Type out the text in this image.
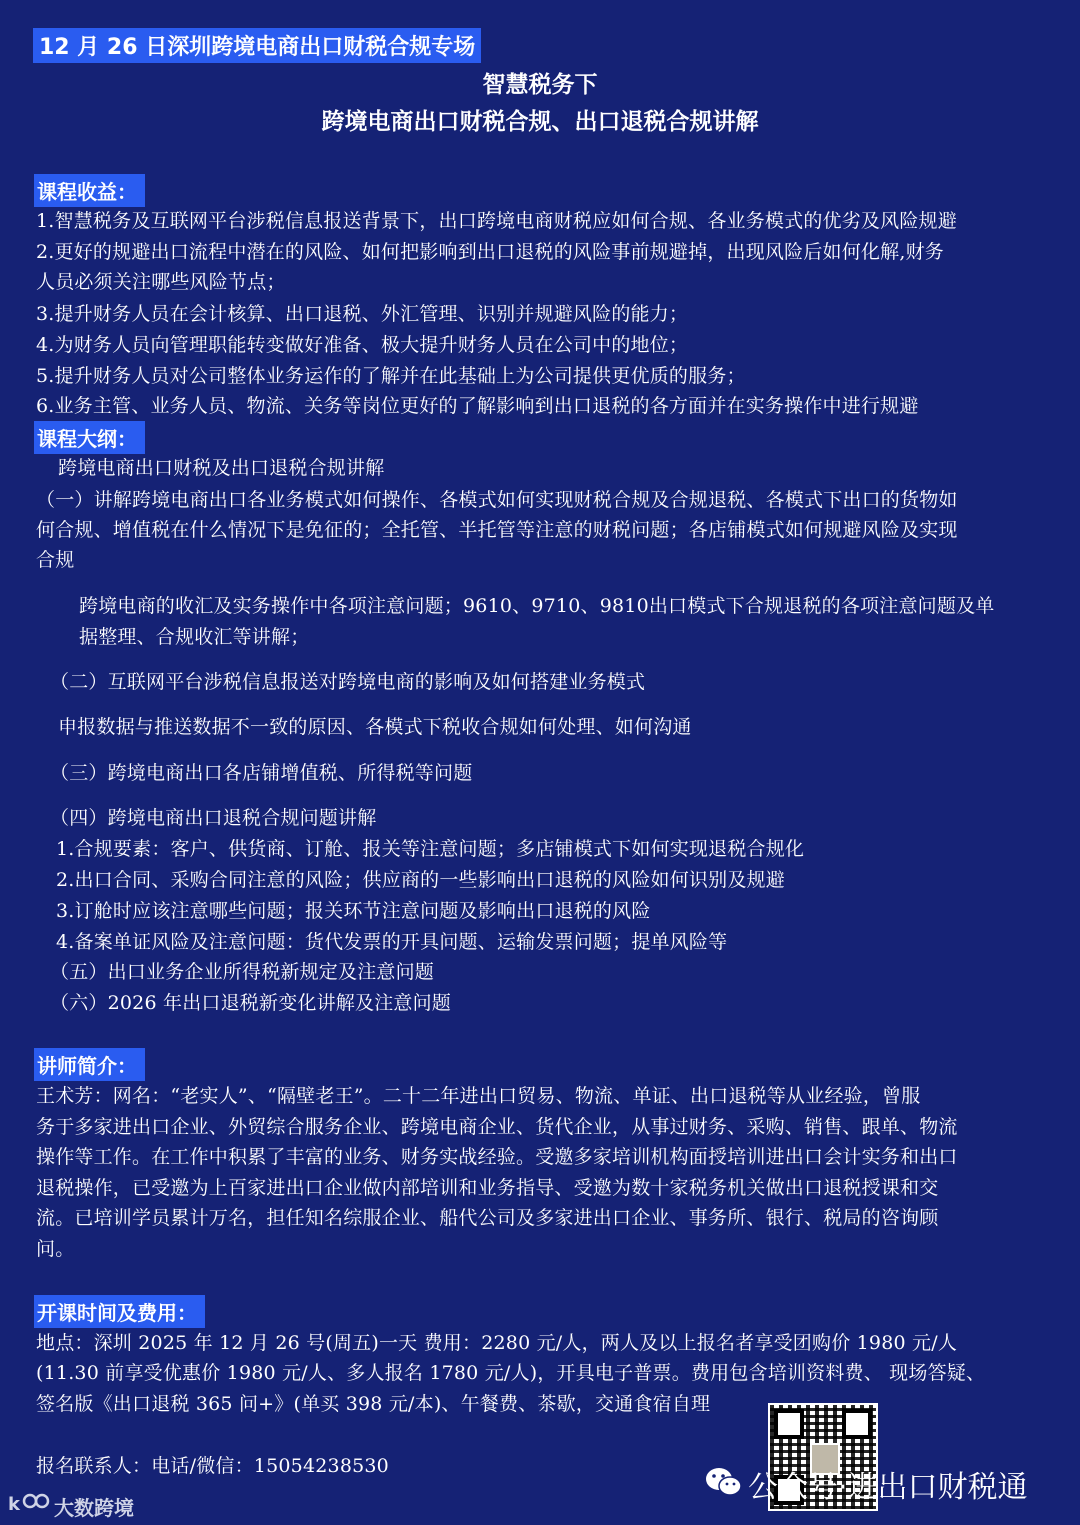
12 月 26 日深圳跨境电商出口财税合规专场
智慧税务下
跨境电商出口财税合规、出口退税合规讲解
课程收益：
1.智慧税务及互联网平台涉税信息报送背景下，出口跨境电商财税应如何合规、各业务模式的优劣及风险规避
2.更好的规避出口流程中潜在的风险、如何把影响到出口退税的风险事前规避掉，出现风险后如何化解,财务
人员必须关注哪些风险节点；
3.提升财务人员在会计核算、出口退税、外汇管理、识别并规避风险的能力；
4.为财务人员向管理职能转变做好准备、极大提升财务人员在公司中的地位；
5.提升财务人员对公司整体业务运作的了解并在此基础上为公司提供更优质的服务；
6.业务主管、业务人员、物流、关务等岗位更好的了解影响到出口退税的各方面并在实务操作中进行规避
课程大纲：
跨境电商出口财税及出口退税合规讲解
（一）讲解跨境电商出口各业务模式如何操作、各模式如何实现财税合规及合规退税、各模式下出口的货物如
何合规、增值税在什么情况下是免征的；全托管、半托管等注意的财税问题；各店铺模式如何规避风险及实现
合规
跨境电商的收汇及实务操作中各项注意问题；9610、9710、9810出口模式下合规退税的各项注意问题及单
据整理、合规收汇等讲解；
（二）互联网平台涉税信息报送对跨境电商的影响及如何搭建业务模式
申报数据与推送数据不一致的原因、各模式下税收合规如何处理、如何沟通
（三）跨境电商出口各店铺增值税、所得税等问题
（四）跨境电商出口退税合规问题讲解
1.合规要素：客户、供货商、订舱、报关等注意问题；多店铺模式下如何实现退税合规化
2.出口合同、采购合同注意的风险；供应商的一些影响出口退税的风险如何识别及规避
3.订舱时应该注意哪些问题；报关环节注意问题及影响出口退税的风险
4.备案单证风险及注意问题：货代发票的开具问题、运输发票问题；提单风险等
（五）出口业务企业所得税新规定及注意问题
（六）2026 年出口退税新变化讲解及注意问题
讲师简介：
王术芳：网名：“老实人”、“隔壁老王”。二十二年进出口贸易、物流、单证、出口退税等从业经验，曾服
务于多家进出口企业、外贸综合服务企业、跨境电商企业、货代企业，从事过财务、采购、销售、跟单、物流
操作等工作。在工作中积累了丰富的业务、财务实战经验。受邀多家培训机构面授培训进出口会计实务和出口
退税操作，已受邀为上百家进出口企业做内部培训和业务指导、受邀为数十家税务机关做出口退税授课和交
流。已培训学员累计万名，担任知名综服企业、船代公司及多家进出口企业、事务所、银行、税局的咨询顾
问。
开课时间及费用：
地点：深圳 2025 年 12 月 26 号(周五)一天 费用：2280 元/人，两人及以上报名者享受团购价 1980 元/人
(11.30 前享受优惠价 1980 元/人、多人报名 1780 元/人)，开具电子普票。费用包含培训资料费、 现场答疑、
签名版《出口退税 365 问+》(单买 398 元/本)、午餐费、茶歇，交通食宿自理
报名联系人：电话/微信：15054238530
公众号·进出口财税通
k 大数跨境
